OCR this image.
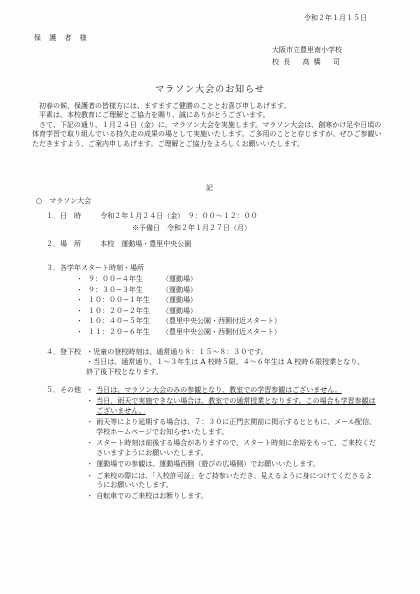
令和２年１月１５日
保 護 者 様
大阪市立豊里南小学校
校 長　 高 橋　 司
マラソン大会のお知らせ

初春の候、保護者の皆様方には、ますますご健勝のこととお喜び申しあげます。

平素は、本校教育にご理解とご協力を賜り、誠にありがとうございます。

さて、下記の通り、１月２４日（金）に、マラソン大会を実施します。マラソン大会は、創寒かけ足や日頃の体育学習で取り組んでいる持久走の成果の場として実施いたします。ご多用のことと存じますが、ぜひご参観いただきますよう、ご案内申しあげます。ご理解とご協力をよろしくお願いいたします。

記
○　マラソン大会
１．日　時	令和２年１月２４日（金）　９：００～１２：００
※予備日　令和２年１月２７日（月）
２．場　所	本校　運動場・豊里中央公園
３．各学年スタート時刻・場所
・ ９：００−４年生	（運動場）
・ ９：３０−３年生	（運動場）
・ １０：００−１年生 （運動場）
・ １０：２０−２年生 （運動場）
・ １０：４０−５年生 （豊里中央公園・西側付近スタート）
・ １１：２０−６年生 （豊里中央公園・西側付近スタート）
４．登下校 ・児童の登校時刻は、通常通り８：１５～８：３０です。
・当日は、通常通り、１～３年生は A 校時５限、４～６年生は A 校時６限授業となり、終了後下校となります。
５．その他 ・ 当日は、マラソン大会のみの参観となり、教室での学習参観はございません。
・ 当日、雨天で実施できない場合は、教室での通常授業となります。この場合も学習参観はございません。
・ 雨天等により延期する場合は、７：３０に正門玄関前に掲示するとともに、メール配信、学校ホームページでお知らせいたします。
・ スタート時刻は前後する場合がありますので、スタート時刻に余裕をもって、ご来校くださいますようにお願いいたします。
・ 運動場での参観は、運動場西側（遊びの広場側）でお願いいたします。
・ ご来校の際には、「入校許可証」をご持参いただき、見えるように身につけてくださるようにお願いいたします。
・ 自転車でのご来校はお断りします。
